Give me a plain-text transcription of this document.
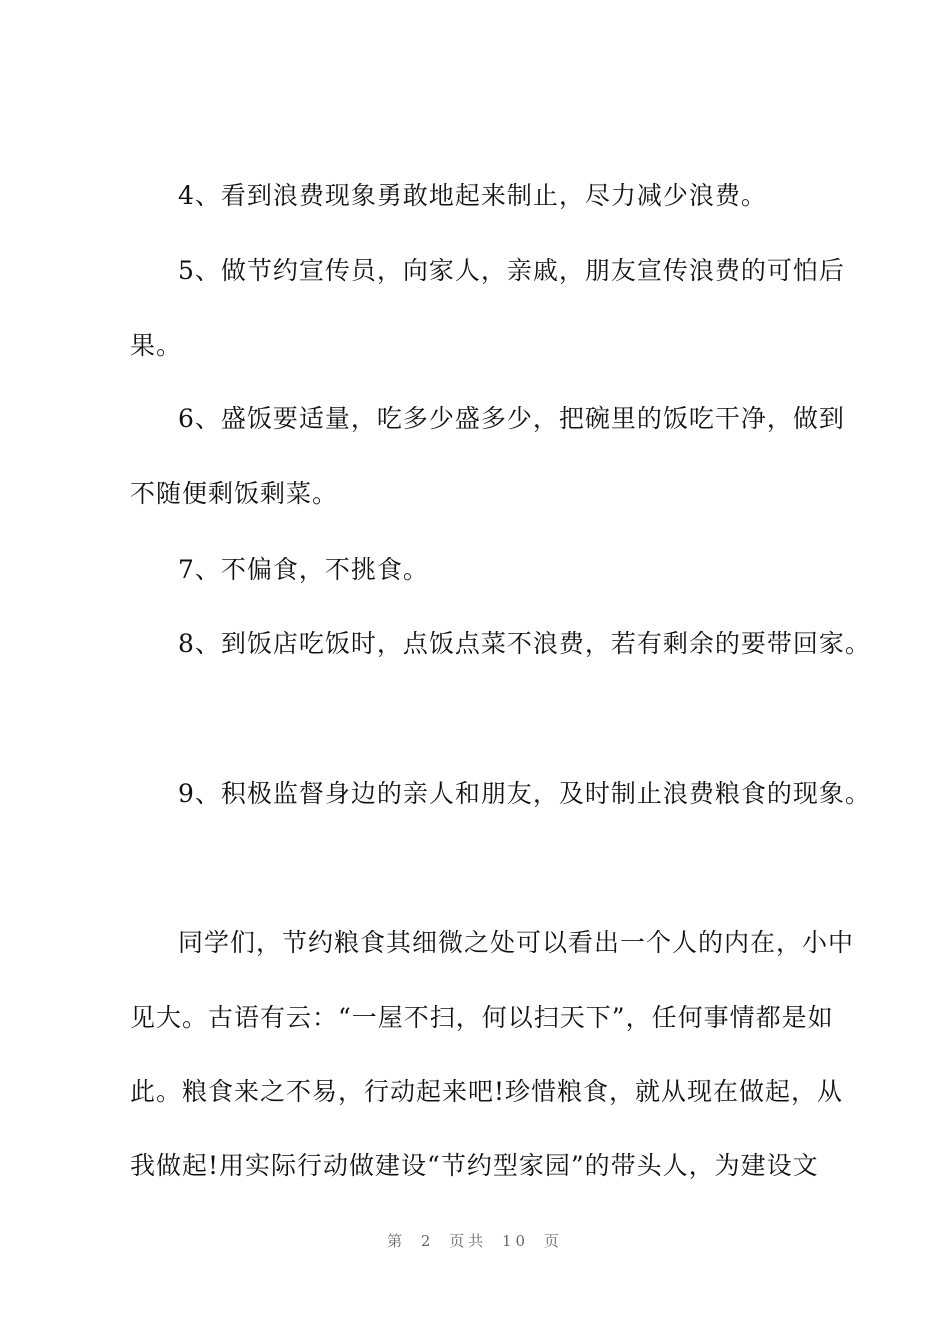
4、看到浪费现象勇敢地起来制止，尽力减少浪费。
5、做节约宣传员，向家人，亲戚，朋友宣传浪费的可怕后
果。
6、盛饭要适量，吃多少盛多少，把碗里的饭吃干净，做到
不随便剩饭剩菜。
7、不偏食，不挑食。
8、到饭店吃饭时，点饭点菜不浪费，若有剩余的要带回家。
9、积极监督身边的亲人和朋友，及时制止浪费粮食的现象。
同学们，节约粮食其细微之处可以看出一个人的内在，小中
见大。古语有云：“一屋不扫，何以扫天下”，任何事情都是如
此。粮食来之不易，行动起来吧!珍惜粮食，就从现在做起，从
我做起!用实际行动做建设“节约型家园”的带头人，为建设文
第 2 页共 10 页
